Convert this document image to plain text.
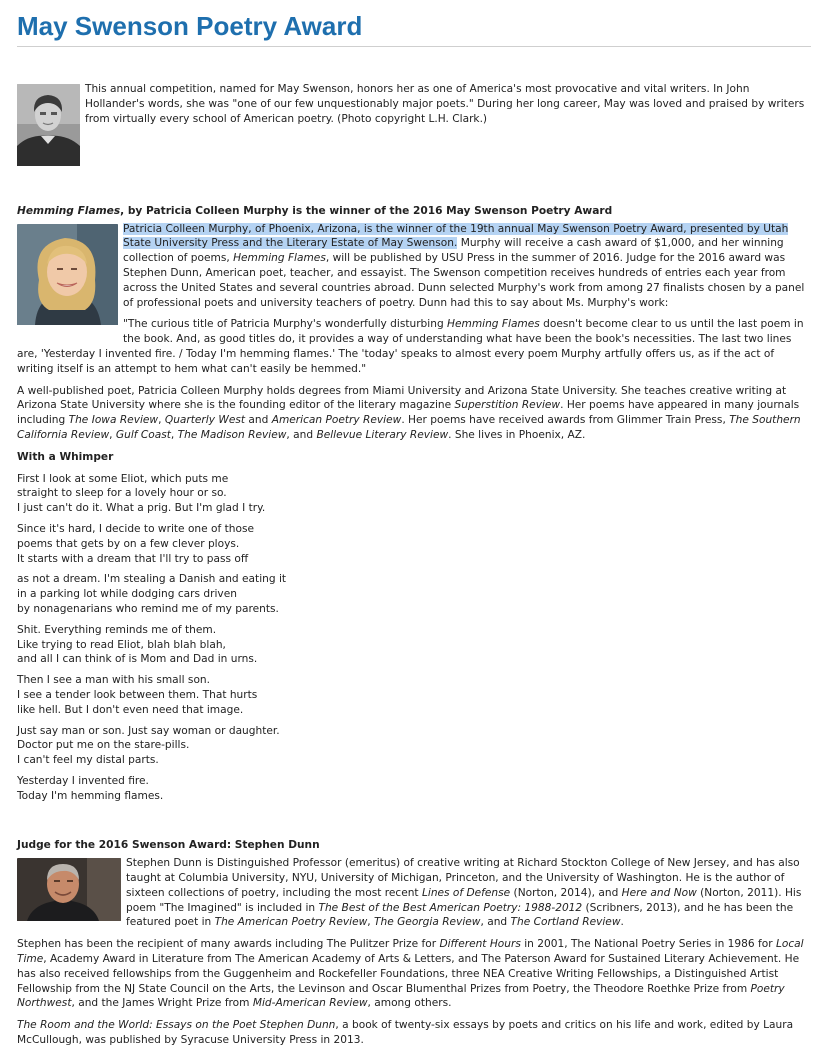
May Swenson Poetry Award

This annual competition, named for May Swenson, honors her as one of America's most provocative and vital writers. In John Hollander's words, she was "one of our few unquestionably major poets." During her long career, May was loved and praised by writers from virtually every school of American poetry. (Photo copyright L.H. Clark.)

Hemming Flames, by Patricia Colleen Murphy is the winner of the 2016 May Swenson Poetry Award

Patricia Colleen Murphy, of Phoenix, Arizona, is the winner of the 19th annual May Swenson Poetry Award, presented by Utah State University Press and the Literary Estate of May Swenson. Murphy will receive a cash award of $1,000, and her winning collection of poems, Hemming Flames, will be published by USU Press in the summer of 2016. Judge for the 2016 award was Stephen Dunn, American poet, teacher, and essayist. The Swenson competition receives hundreds of entries each year from across the United States and several countries abroad. Dunn selected Murphy's work from among 27 finalists chosen by a panel of professional poets and university teachers of poetry. Dunn had this to say about Ms. Murphy's work:

"The curious title of Patricia Murphy's wonderfully disturbing Hemming Flames doesn't become clear to us until the last poem in the book. And, as good titles do, it provides a way of understanding what have been the book's necessities. The last two lines are, 'Yesterday I invented fire. / Today I'm hemming flames.' The 'today' speaks to almost every poem Murphy artfully offers us, as if the act of writing itself is an attempt to hem what can't easily be hemmed."

A well-published poet, Patricia Colleen Murphy holds degrees from Miami University and Arizona State University. She teaches creative writing at Arizona State University where she is the founding editor of the literary magazine Superstition Review. Her poems have appeared in many journals including The Iowa Review, Quarterly West and American Poetry Review. Her poems have received awards from Glimmer Train Press, The Southern California Review, Gulf Coast, The Madison Review, and Bellevue Literary Review. She lives in Phoenix, AZ.

With a Whimper

First I look at some Eliot, which puts me
straight to sleep for a lovely hour or so.
I just can't do it. What a prig. But I'm glad I try.
Since it's hard, I decide to write one of those
poems that gets by on a few clever ploys.
It starts with a dream that I'll try to pass off
as not a dream. I'm stealing a Danish and eating it
in a parking lot while dodging cars driven
by nonagenarians who remind me of my parents.
Shit. Everything reminds me of them.
Like trying to read Eliot, blah blah blah,
and all I can think of is Mom and Dad in urns.
Then I see a man with his small son.
I see a tender look between them. That hurts
like hell. But I don't even need that image.
Just say man or son. Just say woman or daughter.
Doctor put me on the stare-pills.
I can't feel my distal parts.
Yesterday I invented fire.
Today I'm hemming flames.

Judge for the 2016 Swenson Award: Stephen Dunn

Stephen Dunn is Distinguished Professor (emeritus) of creative writing at Richard Stockton College of New Jersey, and has also taught at Columbia University, NYU, University of Michigan, Princeton, and the University of Washington. He is the author of sixteen collections of poetry, including the most recent Lines of Defense (Norton, 2014), and Here and Now (Norton, 2011). His poem "The Imagined" is included in The Best of the Best American Poetry: 1988-2012 (Scribners, 2013), and he has been the featured poet in The American Poetry Review, The Georgia Review, and The Cortland Review.

Stephen has been the recipient of many awards including The Pulitzer Prize for Different Hours in 2001, The National Poetry Series in 1986 for Local Time, Academy Award in Literature from The American Academy of Arts & Letters, and The Paterson Award for Sustained Literary Achievement. He has also received fellowships from the Guggenheim and Rockefeller Foundations, three NEA Creative Writing Fellowships, a Distinguished Artist Fellowship from the NJ State Council on the Arts, the Levinson and Oscar Blumenthal Prizes from Poetry, the Theodore Roethke Prize from Poetry Northwest, and the James Wright Prize from Mid-American Review, among others.

The Room and the World: Essays on the Poet Stephen Dunn, a book of twenty-six essays by poets and critics on his life and work, edited by Laura McCullough, was published by Syracuse University Press in 2013.
